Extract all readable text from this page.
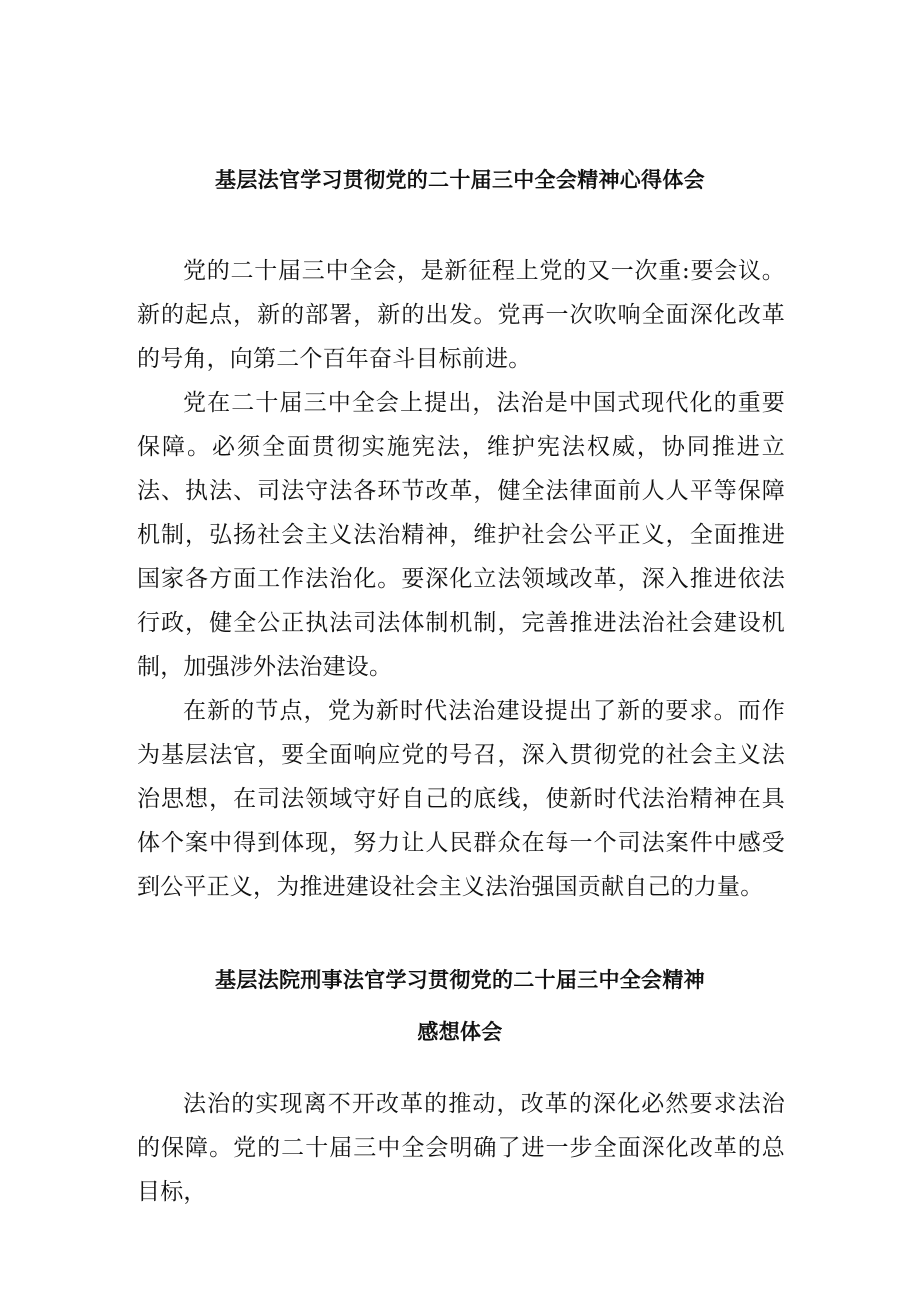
基层法官学习贯彻党的二十届三中全会精神心得体会

党的二十届三中全会，是新征程上党的又一次重:要会议。新的起点，新的部署，新的出发。党再一次吹响全面深化改革的号角，向第二个百年奋斗目标前进。

党在二十届三中全会上提出，法治是中国式现代化的重要保障。必须全面贯彻实施宪法，维护宪法权威，协同推进立法、执法、司法守法各环节改革，健全法律面前人人平等保障机制，弘扬社会主义法治精神，维护社会公平正义，全面推进国家各方面工作法治化。要深化立法领域改革，深入推进依法行政，健全公正执法司法体制机制，完善推进法治社会建设机制，加强涉外法治建设。

在新的节点，党为新时代法治建设提出了新的要求。而作为基层法官，要全面响应党的号召，深入贯彻党的社会主义法治思想，在司法领域守好自己的底线，使新时代法治精神在具体个案中得到体现，努力让人民群众在每一个司法案件中感受到公平正义，为推进建设社会主义法治强国贡献自己的力量。

基层法院刑事法官学习贯彻党的二十届三中全会精神
感想体会

法治的实现离不开改革的推动，改革的深化必然要求法治的保障。党的二十届三中全会明确了进一步全面深化改革的总目标，
